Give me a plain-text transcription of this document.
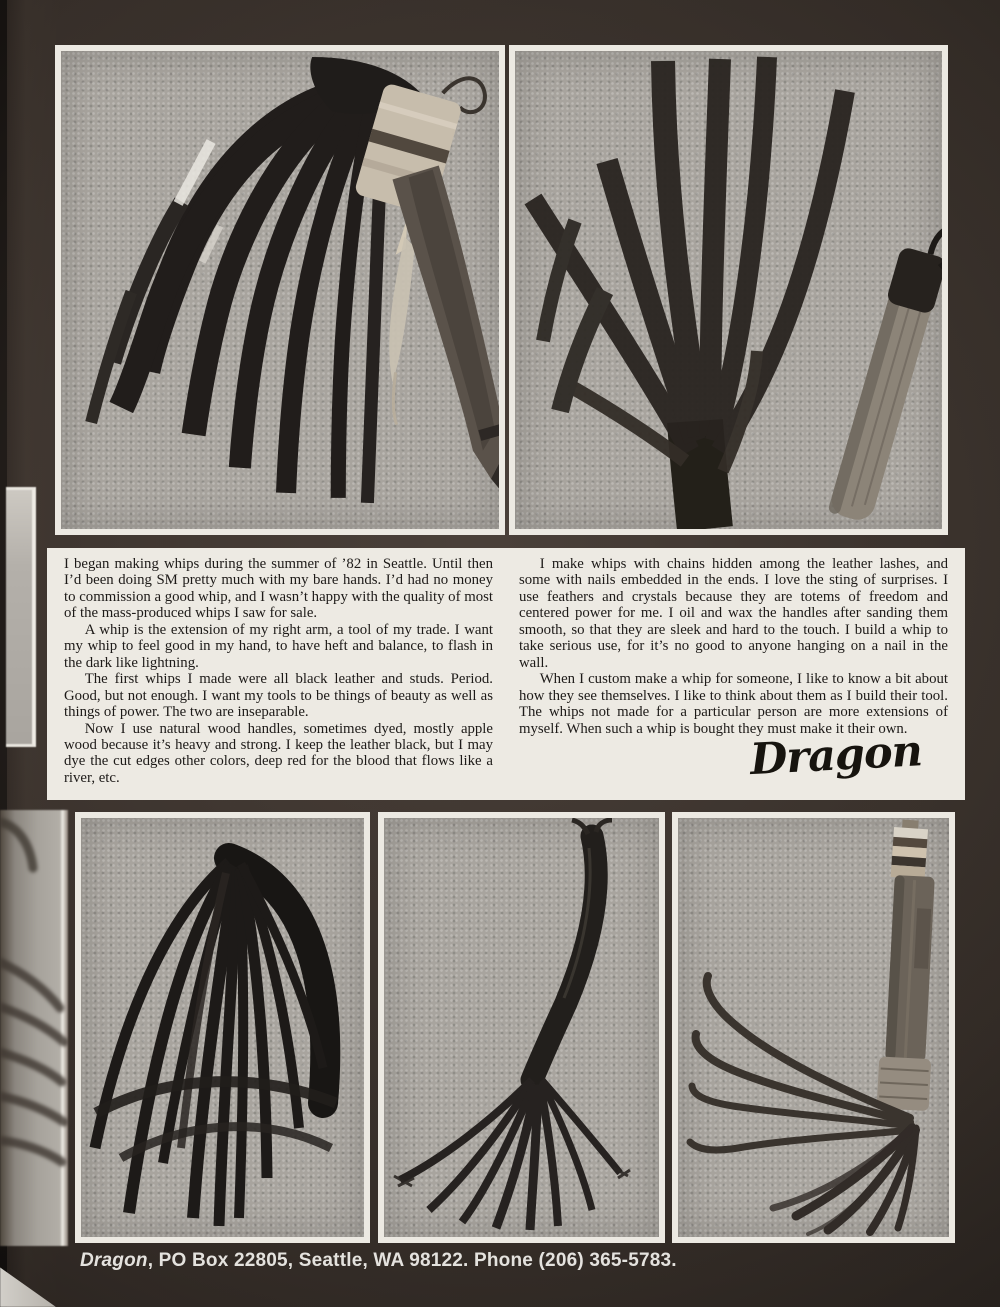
I began making whips during the summer of ’82 in Seattle. Until then I’d been doing SM pretty much with my bare hands. I’d had no money to commission a good whip, and I wasn’t happy with the quality of most of the mass-produced whips I saw for sale.

A whip is the extension of my right arm, a tool of my trade. I want my whip to feel good in my hand, to have heft and balance, to flash in the dark like lightning.

The first whips I made were all black leather and studs. Period. Good, but not enough. I want my tools to be things of beauty as well as things of power. The two are inseparable.

Now I use natural wood handles, sometimes dyed, mostly apple wood because it’s heavy and strong. I keep the leather black, but I may dye the cut edges other colors, deep red for the blood that flows like a river, etc.

I make whips with chains hidden among the leather lashes, and some with nails embedded in the ends. I love the sting of surprises. I use feathers and crystals because they are totems of freedom and centered power for me. I oil and wax the handles after sanding them smooth, so that they are sleek and hard to the touch. I build a whip to take serious use, for it’s no good to anyone hanging on a nail in the wall.

When I custom make a whip for someone, I like to know a bit about how they see themselves. I like to think about them as I build their tool. The whips not made for a particular person are more extensions of myself. When such a whip is bought they must make it their own.

Dragon
Dragon, PO Box 22805, Seattle, WA 98122. Phone (206) 365-5783.
